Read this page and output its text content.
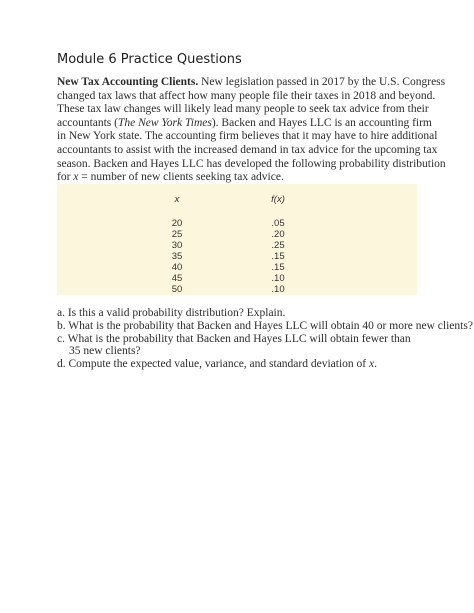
Module 6 Practice Questions
New Tax Accounting Clients. New legislation passed in 2017 by the U.S. Congress
changed tax laws that affect how many people file their taxes in 2018 and beyond.
These tax law changes will likely lead many people to seek tax advice from their
accountants (The New York Times). Backen and Hayes LLC is an accounting firm
in New York state. The accounting firm believes that it may have to hire additional
accountants to assist with the increased demand in tax advice for the upcoming tax
season. Backen and Hayes LLC has developed the following probability distribution
for x = number of new clients seeking tax advice.
x
20
25
30
35
40
45
50
f(x)
.05
.20
.25
.15
.15
.10
.10
a. Is this a valid probability distribution? Explain.
b. What is the probability that Backen and Hayes LLC will obtain 40 or more new clients?
c. What is the probability that Backen and Hayes LLC will obtain fewer than
35 new clients?
d. Compute the expected value, variance, and standard deviation of x.
